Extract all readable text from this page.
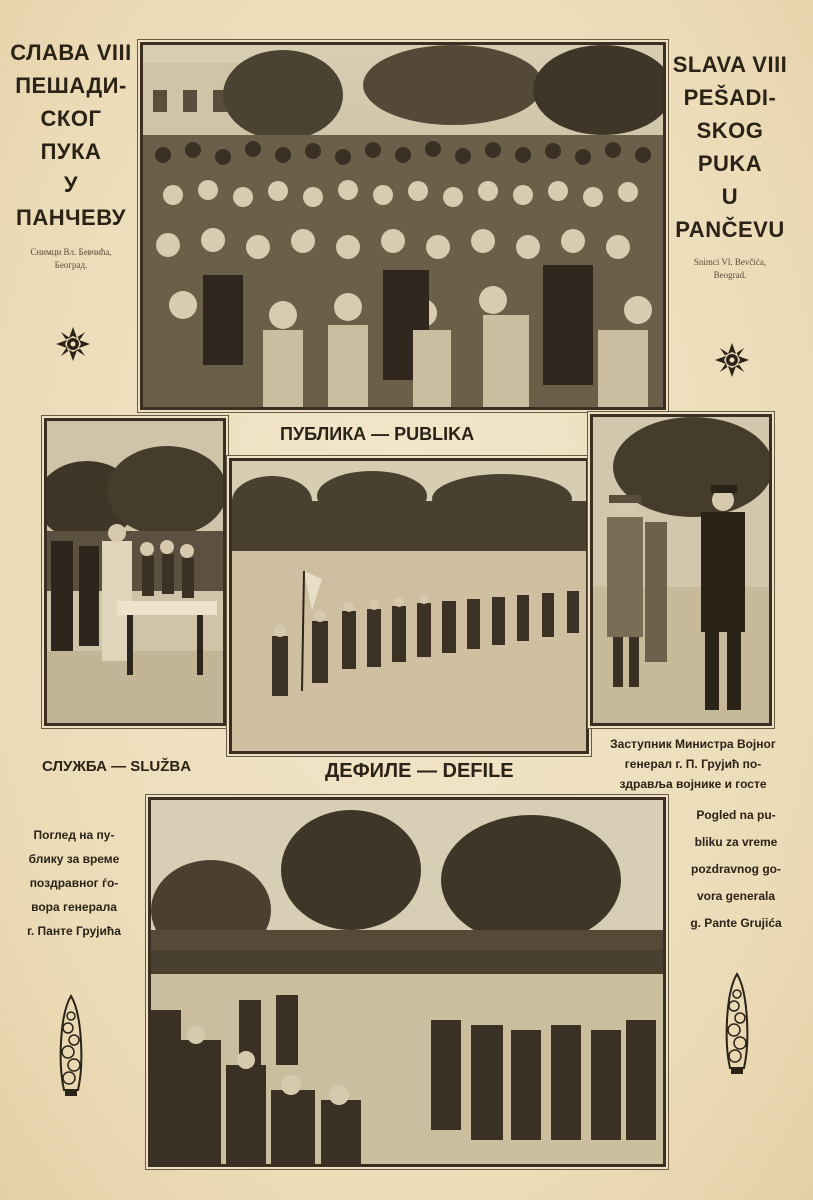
СЛАВА VIII
ПЕШАДИ-
СКОГ
ПУКА
У
ПАНЧЕВУ
Снимци Вл. Бевчића,
Београд.
SLAVA VIII
PEŠADI-
SKOG
PUKA
U
PANČEVU
Snimci Vl. Bevčića,
Beograd.
ПУБЛИКА — PUBLIKA
СЛУЖБА — SLUŽBA	ДЕФИЛЕ — DEFILE
Заступник Министра Војног
генерал г. П. Грујић по-
здравља војнике и госте
Поглед на пу-
блику за време
поздравног ѓо-
вора генерала
г. Панте Грујића
Pogled na pu-
bliku za vreme
pozdravnog go-
vora generala
g. Pante Grujića
